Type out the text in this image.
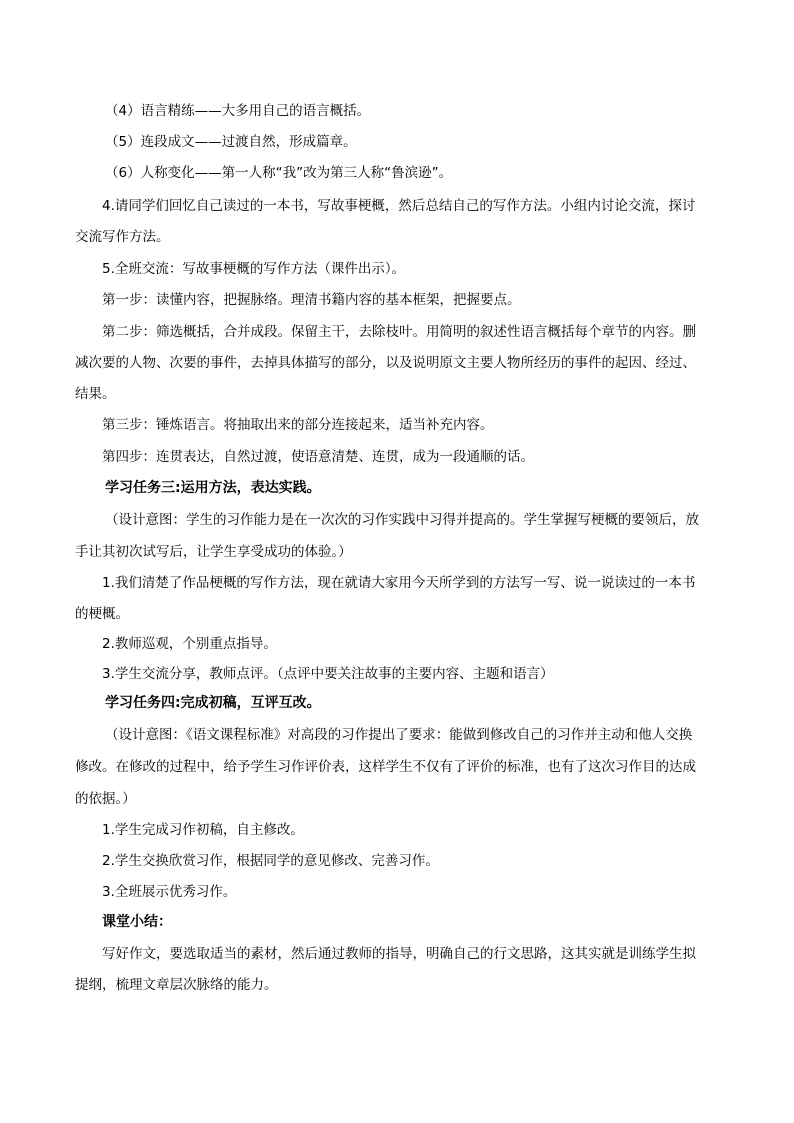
（4）语言精练——大多用自己的语言概括。
（5）连段成文——过渡自然，形成篇章。
（6）人称变化——第一人称“我”改为第三人称“鲁滨逊”。
4.请同学们回忆自己读过的一本书，写故事梗概，然后总结自己的写作方法。小组内讨论交流，探讨
交流写作方法。
5.全班交流：写故事梗概的写作方法（课件出示）。
第一步：读懂内容，把握脉络。理清书籍内容的基本框架，把握要点。
第二步：筛选概括，合并成段。保留主干，去除枝叶。用简明的叙述性语言概括每个章节的内容。删
减次要的人物、次要的事件，去掉具体描写的部分，以及说明原文主要人物所经历的事件的起因、经过、
结果。
第三步：锤炼语言。将抽取出来的部分连接起来，适当补充内容。
第四步：连贯表达，自然过渡，使语意清楚、连贯，成为一段通顺的话。
学习任务三:运用方法，表达实践。
（设计意图：学生的习作能力是在一次次的习作实践中习得并提高的。学生掌握写梗概的要领后，放
手让其初次试写后，让学生享受成功的体验。）
1.我们清楚了作品梗概的写作方法，现在就请大家用今天所学到的方法写一写、说一说读过的一本书
的梗概。
2.教师巡观，个别重点指导。
3.学生交流分享，教师点评。（点评中要关注故事的主要内容、主题和语言）
学习任务四:完成初稿，互评互改。
（设计意图：《语文课程标准》对高段的习作提出了要求：能做到修改自己的习作并主动和他人交换
修改。在修改的过程中，给予学生习作评价表，这样学生不仅有了评价的标准，也有了这次习作目的达成
的依据。）
1.学生完成习作初稿，自主修改。
2.学生交换欣赏习作，根据同学的意见修改、完善习作。
3.全班展示优秀习作。
课堂小结：
写好作文，要选取适当的素材，然后通过教师的指导，明确自己的行文思路，这其实就是训练学生拟
提纲，梳理文章层次脉络的能力。
